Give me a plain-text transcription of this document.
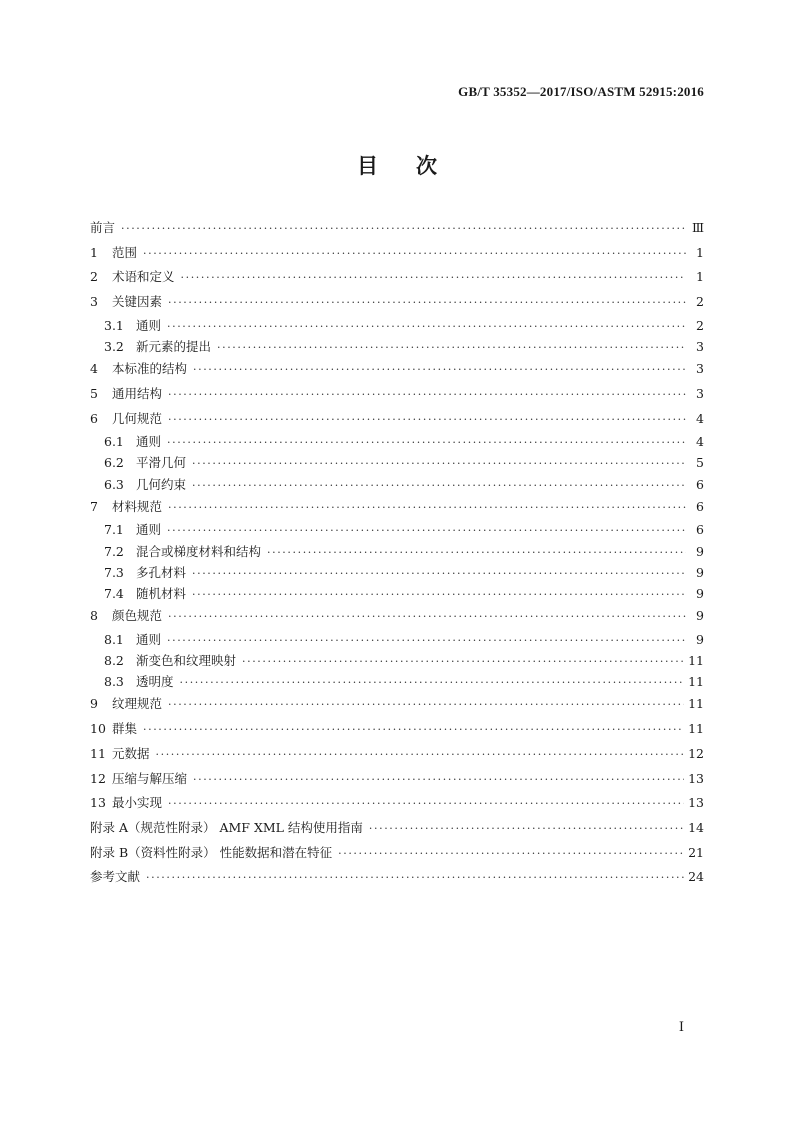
GB/T 35352—2017/ISO/ASTM 52915:2016
目 次
前言 ·····	Ⅲ
1	范围 ·····	1
2	术语和定义 ·····	1
3	关键因素 ·····	2
3.1 通则 ·····	2
3.2 新元素的提出 ·····	3
4	本标准的结构 ·····	3
5	通用结构 ·····	3
6	几何规范 ·····	4
6.1 通则 ·····	4
6.2 平滑几何 ·····	5
6.3 几何约束 ·····	6
7	材料规范 ·····	6
7.1 通则 ·····	6
7.2 混合或梯度材料和结构 ·····	9
7.3 多孔材料 ·····	9
7.4 随机材料 ·····	9
8	颜色规范 ·····	9
8.1 通则 ·····	9
8.2 渐变色和纹理映射 ·····	11
8.3 透明度 ·····	11
9	纹理规范 ·····	11
10 群集 ·····	11
11 元数据 ·····	12
12 压缩与解压缩 ·····	13
13 最小实现 ·····	13
附录 A（规范性附录） AMF XML 结构使用指南 ·····	14
附录 B（资料性附录） 性能数据和潜在特征 ·····	21
参考文献 ·····	24
I
